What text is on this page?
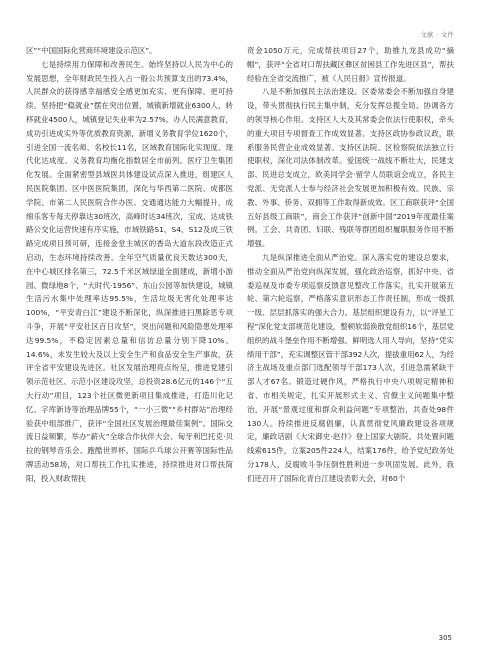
文献 · 文件

区”“中国国际化营商环境建设示范区”。

七是持续用力保障和改善民生。始终坚持以人民为中心的发展思想，全年财政民生投入占一般公共预算支出的73.4%，人民群众的获得感幸福感安全感更加充实、更有保障、更可持续。坚持把“稳就业”摆在突出位置，城镇新增就业6300人，转移就业4500人，城镇登记失业率为2.57%。办人民满意教育，成功引进成实外等优质教育资源，新增义务教育学位1620个，引进全国一流名师、名校长11名，区域教育国际化实现度、现代化达成度、义务教育均衡化指数居全市前列。医疗卫生集团化发展。全面紧密型县域医共体建设试点深入推进，组建区人民医院集团、区中医医院集团，深化与华西第二医院、成都医学院、市第二人民医院合作办医。交通通达能力大幅提升，成绵乐客专每天停靠达30班次，高峰时达34班次，宝成、达成铁路公交化运营快速有序实施，市域铁路S1、S4、S12及成三铁路完成项目预可研，连接金堂主城区的香岛大道东段改造正式启动，生态环境持续改善。全年空气质量优良天数达300天，在中心城区排名第三，72.5千米区域绿道全面建成，新增小游园、微绿地8个，“大时代·1956”、东山公园等加快建设，城镇生活污水集中处理率达95.5%，生活垃圾无害化处理率达100%，“平安青白江”建设不断深化，纵深推进扫黑除恶专项斗争，开展“平安社区百日攻坚”，突出问题和风险隐患处理率达99.5%，不稳定因素总量和信访总量分别下降10%、14.6%，未发生较大及以上安全生产和食品安全生产事故，获评全省平安建设先进区。社区发展治理亮点纷呈，推进党建引领示范社区、示范小区建设攻坚，总投资28.6亿元的146个“五大行动”项目，123个社区微更新项目集成推进，打造川化记忆、字库新诗等治理品牌55个，“一小三微”“乡村群站”治理经验获中组部推广，获评“全国社区发展治理最佳案例”。国际交流日益频繁，举办“薪火”全球合作伙伴大会、匈牙利巴托克·贝拉的钢琴音乐会、跑酷世界杯、国际乒乓球公开赛等国际性品牌活动58场，对口帮扶工作扎实推进，持续推进对口帮扶简阳，投入财政帮扶

资金1050万元，完成帮扶项目27个，助推九龙县成功“摘帽”，获评“全省对口帮扶藏区彝区贫困县工作先进区县”，帮扶经验在全省交流推广，被《人民日报》宣传报道。

八是不断加强民主法治建设。区委常委会不断加强自身建设，带头贯彻执行民主集中制，充分发挥总揽全局、协调各方的领导核心作用。支持区人大及其常委会依法行使职权，牵头的重大项目专项督查工作成效显著。支持区政协参政议政，联系服务民营企业成效显著。支持区法院、区检察院依法独立行使职权，深化司法体制改革。爱国统一战线不断壮大，民建支部、民进总支成立，欧美同学会·留学人员联谊会成立，各民主党派、无党派人士参与经济社会发展更加积极有效。民族、宗教、外事、侨务、双拥等工作取得新成效。区工商联获评“全国五好县级工商联”，商会工作获评“创新中国”2019年度最佳案例。工会、共青团、妇联、残联等群团组织履职服务作用不断增强。

九是纵深推进全面从严治党。深入落实党的建设总要求，推动全面从严治党向纵深发展，强化政治巡察，抓好中央、省委巡视及市委专项巡察反馈意见整改工作落实，扎实开展第五轮、第六轮巡察，严格落实意识形态工作责任制，形成一级抓一级、层层抓落实的强大合力。基层组织建设有力，以“评星工程”深化党支部规范化建设，整顿软弱涣散党组织16个，基层党组织的战斗堡垒作用不断增强。鲜明选人用人导向，坚持“凭实绩用干部”，充实调整区管干部392人次，提拔重用62人，为经济主战场及重点部门选配领导干部173人次，引进急需紧缺干部人才67名。锻造过硬作风，严格执行中央八项规定精神和省、市相关规定，扎实开展形式主义、官僚主义问题集中整治，开展“景观过度和群众利益问题”专项整治，共查处98件130人。持续推进反腐倡廉，认真贯彻党风廉政建设各项规定，廉政话剧《大宋御史·赵抃》登上国家大剧院。共处置问题线索615件，立案205件224人，结案176件，给予党纪政务处分178人，反腐败斗争压倒性胜利进一步巩固发展。此外，我们还召开了国际化青白江建设表彰大会，对60个

305
